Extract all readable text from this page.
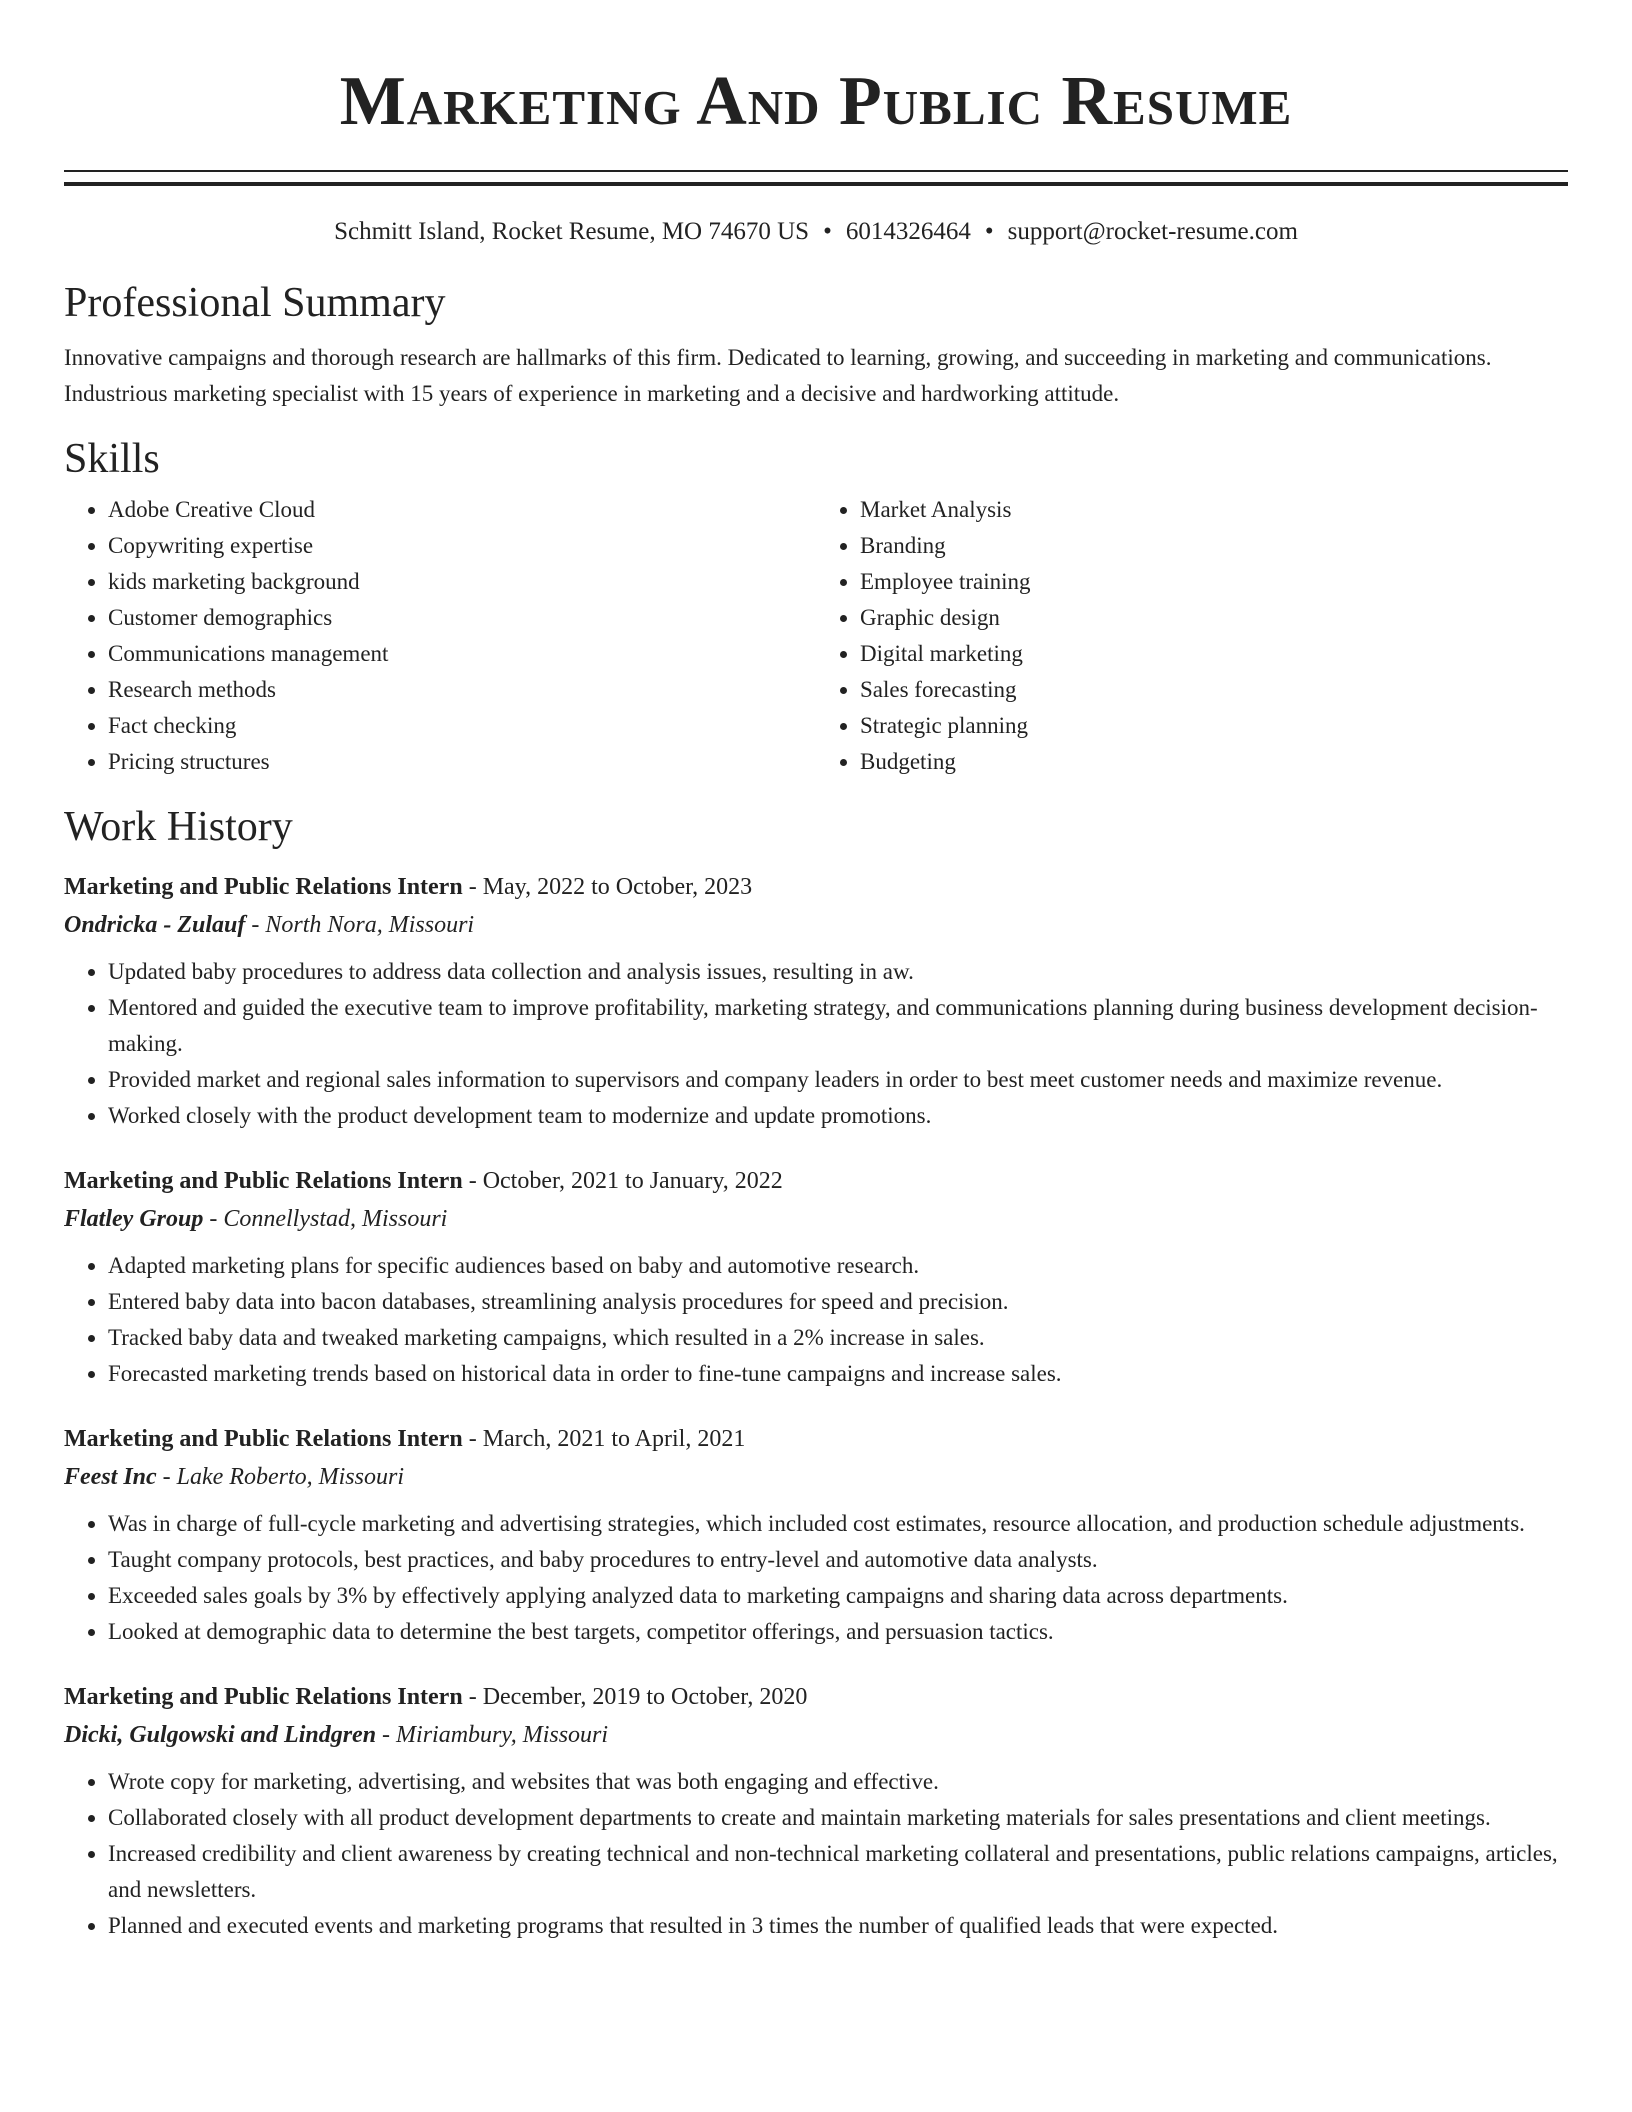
Marketing And Public Resume
Schmitt Island, Rocket Resume, MO 74670 US • 6014326464 • support@rocket-resume.com
Professional Summary

Innovative campaigns and thorough research are hallmarks of this firm. Dedicated to learning, growing, and succeeding in marketing and communications. Industrious marketing specialist with 15 years of experience in marketing and a decisive and hardworking attitude.

Skills
• Adobe Creative Cloud
• Copywriting expertise
• kids marketing background
• Customer demographics
• Communications management
• Research methods
• Fact checking
• Pricing structures
• Market Analysis
• Branding
• Employee training
• Graphic design
• Digital marketing
• Sales forecasting
• Strategic planning
• Budgeting
Work History
Marketing and Public Relations Intern - May, 2022 to October, 2023
Ondricka - Zulauf - North Nora, Missouri
• Updated baby procedures to address data collection and analysis issues, resulting in aw.
• Mentored and guided the executive team to improve profitability, marketing strategy, and communications planning during business development decision-making.
• Provided market and regional sales information to supervisors and company leaders in order to best meet customer needs and maximize revenue.
• Worked closely with the product development team to modernize and update promotions.
Marketing and Public Relations Intern - October, 2021 to January, 2022
Flatley Group - Connellystad, Missouri
• Adapted marketing plans for specific audiences based on baby and automotive research.
• Entered baby data into bacon databases, streamlining analysis procedures for speed and precision.
• Tracked baby data and tweaked marketing campaigns, which resulted in a 2% increase in sales.
• Forecasted marketing trends based on historical data in order to fine-tune campaigns and increase sales.
Marketing and Public Relations Intern - March, 2021 to April, 2021
Feest Inc - Lake Roberto, Missouri
• Was in charge of full-cycle marketing and advertising strategies, which included cost estimates, resource allocation, and production schedule adjustments.
• Taught company protocols, best practices, and baby procedures to entry-level and automotive data analysts.
• Exceeded sales goals by 3% by effectively applying analyzed data to marketing campaigns and sharing data across departments.
• Looked at demographic data to determine the best targets, competitor offerings, and persuasion tactics.
Marketing and Public Relations Intern - December, 2019 to October, 2020
Dicki, Gulgowski and Lindgren - Miriambury, Missouri
• Wrote copy for marketing, advertising, and websites that was both engaging and effective.
• Collaborated closely with all product development departments to create and maintain marketing materials for sales presentations and client meetings.
• Increased credibility and client awareness by creating technical and non-technical marketing collateral and presentations, public relations campaigns, articles, and newsletters.
• Planned and executed events and marketing programs that resulted in 3 times the number of qualified leads that were expected.
